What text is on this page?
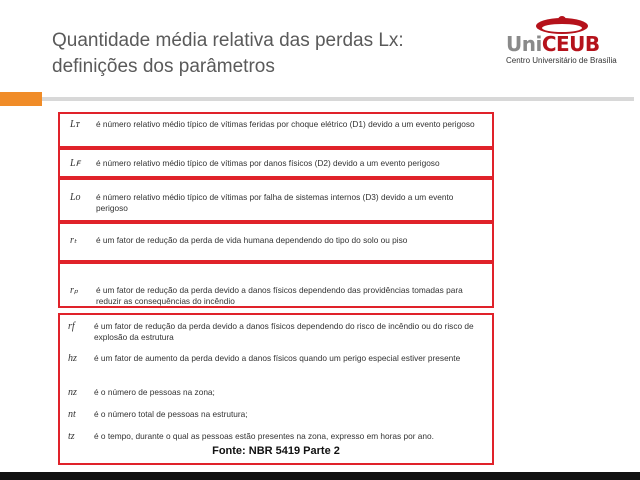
Quantidade média relativa das perdas Lx:
definições dos parâmetros
UniCEUB
Centro Universitário de Brasília
Lᴛ é número relativo médio típico de vítimas feridas por choque elétrico (D1) devido a um evento perigoso
Lꜰ é número relativo médio típico de vítimas por danos físicos (D2) devido a um evento perigoso
Lᴏ é número relativo médio típico de vítimas por falha de sistemas internos (D3) devido a um evento perigoso
rₜ é um fator de redução da perda de vida humana dependendo do tipo do solo ou piso
rₚ é um fator de redução da perda devido a danos físicos dependendo das providências tomadas para reduzir as consequências do incêndio
rf é um fator de redução da perda devido a danos físicos dependendo do risco de incêndio ou do risco de explosão da estrutura
hz é um fator de aumento da perda devido a danos físicos quando um perigo especial estiver presente
nz é o número de pessoas na zona;
nt é o número total de pessoas na estrutura;
tz é o tempo, durante o qual as pessoas estão presentes na zona, expresso em horas por ano.
Fonte: NBR 5419 Parte 2
